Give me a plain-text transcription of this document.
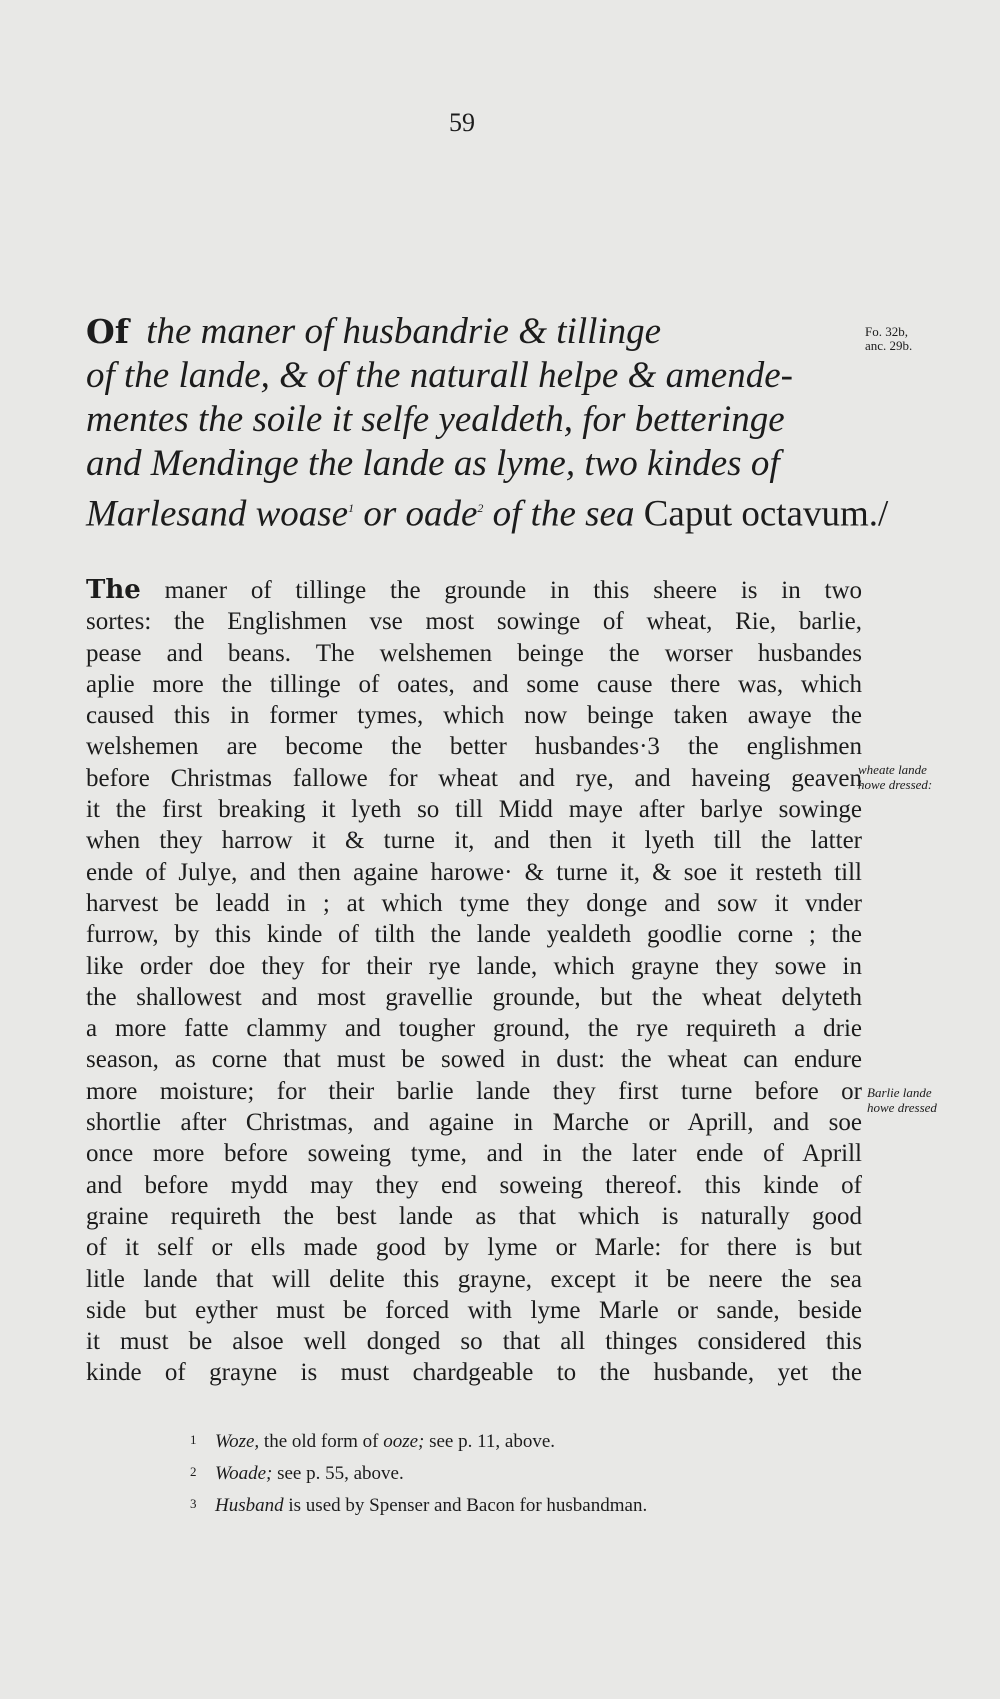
59
Of the maner of husbandrie & tillinge
of the lande, & of the naturall helpe & amende-
mentes the soile it selfe yealdeth, for betteringe
and Mendinge the lande as lyme, two kindes of
Marlesand woase$^1$ or oade$^2$ of the sea Caput octavum./
Fo. 32b, anc. 29b.
wheate lande howe dressed:
Barlie lande howe dressed
The maner of tillinge the grounde in this sheere is in two
sortes: the Englishmen vse most sowinge of wheat, Rie, barlie,
pease and beans. The welshemen beinge the worser husbandes
aplie more the tillinge of oates, and some cause there was, which
caused this in former tymes, which now beinge taken awaye the
welshemen are become the better husbandes·3 the englishmen
before Christmas fallowe for wheat and rye, and haveing geaven
it the first breaking it lyeth so till Midd maye after barlye sowinge
when they harrow it & turne it, and then it lyeth till the latter
ende of Julye, and then againe harowe· & turne it, & soe it resteth till
harvest be leadd in ; at which tyme they donge and sow it vnder
furrow, by this kinde of tilth the lande yealdeth goodlie corne ; the
like order doe they for their rye lande, which grayne they sowe in
the shallowest and most gravellie grounde, but the wheat delyteth
a more fatte clammy and tougher ground, the rye requireth a drie
season, as corne that must be sowed in dust: the wheat can endure
more moisture; for their barlie lande they first turne before or
shortlie after Christmas, and againe in Marche or Aprill, and soe
once more before soweing tyme, and in the later ende of Aprill
and before mydd may they end soweing thereof. this kinde of
graine requireth the best lande as that which is naturally good
of it self or ells made good by lyme or Marle: for there is but
litle lande that will delite this grayne, except it be neere the sea
side but eyther must be forced with lyme Marle or sande, beside
it must be alsoe well donged so that all thinges considered this
kinde of grayne is must chardgeable to the husbande, yet the
1 Woze, the old form of ooze; see p. 11, above.
2 Woade; see p. 55, above.
3 Husband is used by Spenser and Bacon for husbandman.
